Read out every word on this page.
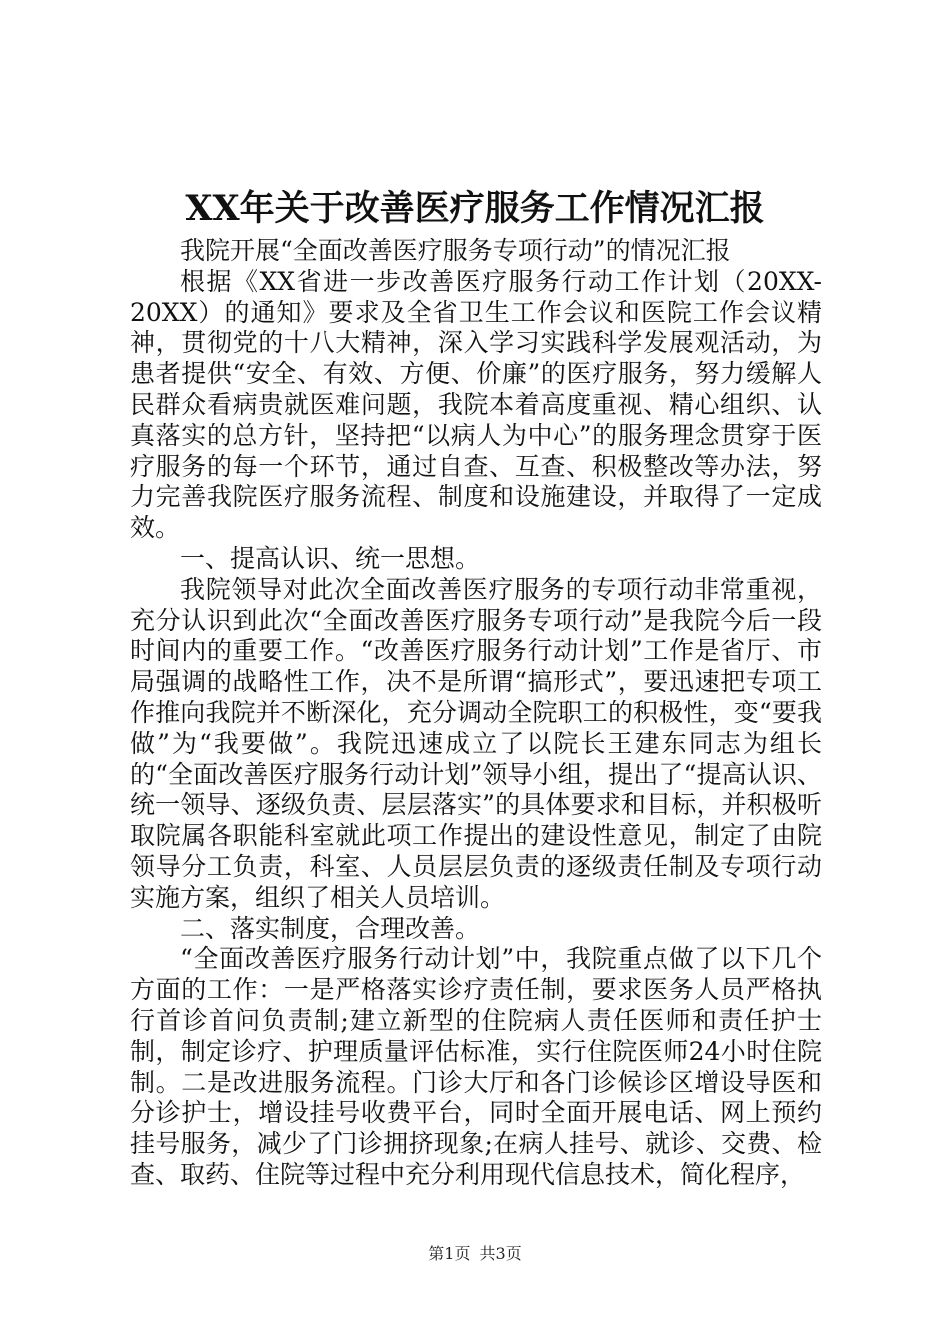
XX年关于改善医疗服务工作情况汇报

我院开展“全面改善医疗服务专项行动”的情况汇报

根据《XX省进一步改善医疗服务行动工作计划（20XX-20XX）的通知》要求及全省卫生工作会议和医院工作会议精神，贯彻党的十八大精神，深入学习实践科学发展观活动，为患者提供“安全、有效、方便、价廉”的医疗服务，努力缓解人民群众看病贵就医难问题，我院本着高度重视、精心组织、认真落实的总方针，坚持把“以病人为中心”的服务理念贯穿于医疗服务的每一个环节，通过自查、互查、积极整改等办法，努力完善我院医疗服务流程、制度和设施建设，并取得了一定成效。

一、提高认识、统一思想。

我院领导对此次全面改善医疗服务的专项行动非常重视，充分认识到此次“全面改善医疗服务专项行动”是我院今后一段时间内的重要工作。“改善医疗服务行动计划”工作是省厅、市局强调的战略性工作，决不是所谓“搞形式”，要迅速把专项工作推向我院并不断深化，充分调动全院职工的积极性，变“要我做”为“我要做”。我院迅速成立了以院长王建东同志为组长的“全面改善医疗服务行动计划”领导小组，提出了“提高认识、统一领导、逐级负责、层层落实”的具体要求和目标，并积极听取院属各职能科室就此项工作提出的建设性意见，制定了由院领导分工负责，科室、人员层层负责的逐级责任制及专项行动实施方案，组织了相关人员培训。

二、落实制度，合理改善。

“全面改善医疗服务行动计划”中，我院重点做了以下几个方面的工作：一是严格落实诊疗责任制，要求医务人员严格执行首诊首问负责制;建立新型的住院病人责任医师和责任护士制，制定诊疗、护理质量评估标准，实行住院医师24小时住院制。二是改进服务流程。门诊大厅和各门诊候诊区增设导医和分诊护士，增设挂号收费平台，同时全面开展电话、网上预约挂号服务，减少了门诊拥挤现象;在病人挂号、就诊、交费、检查、取药、住院等过程中充分利用现代信息技术，简化程序，

第1页 共3页
